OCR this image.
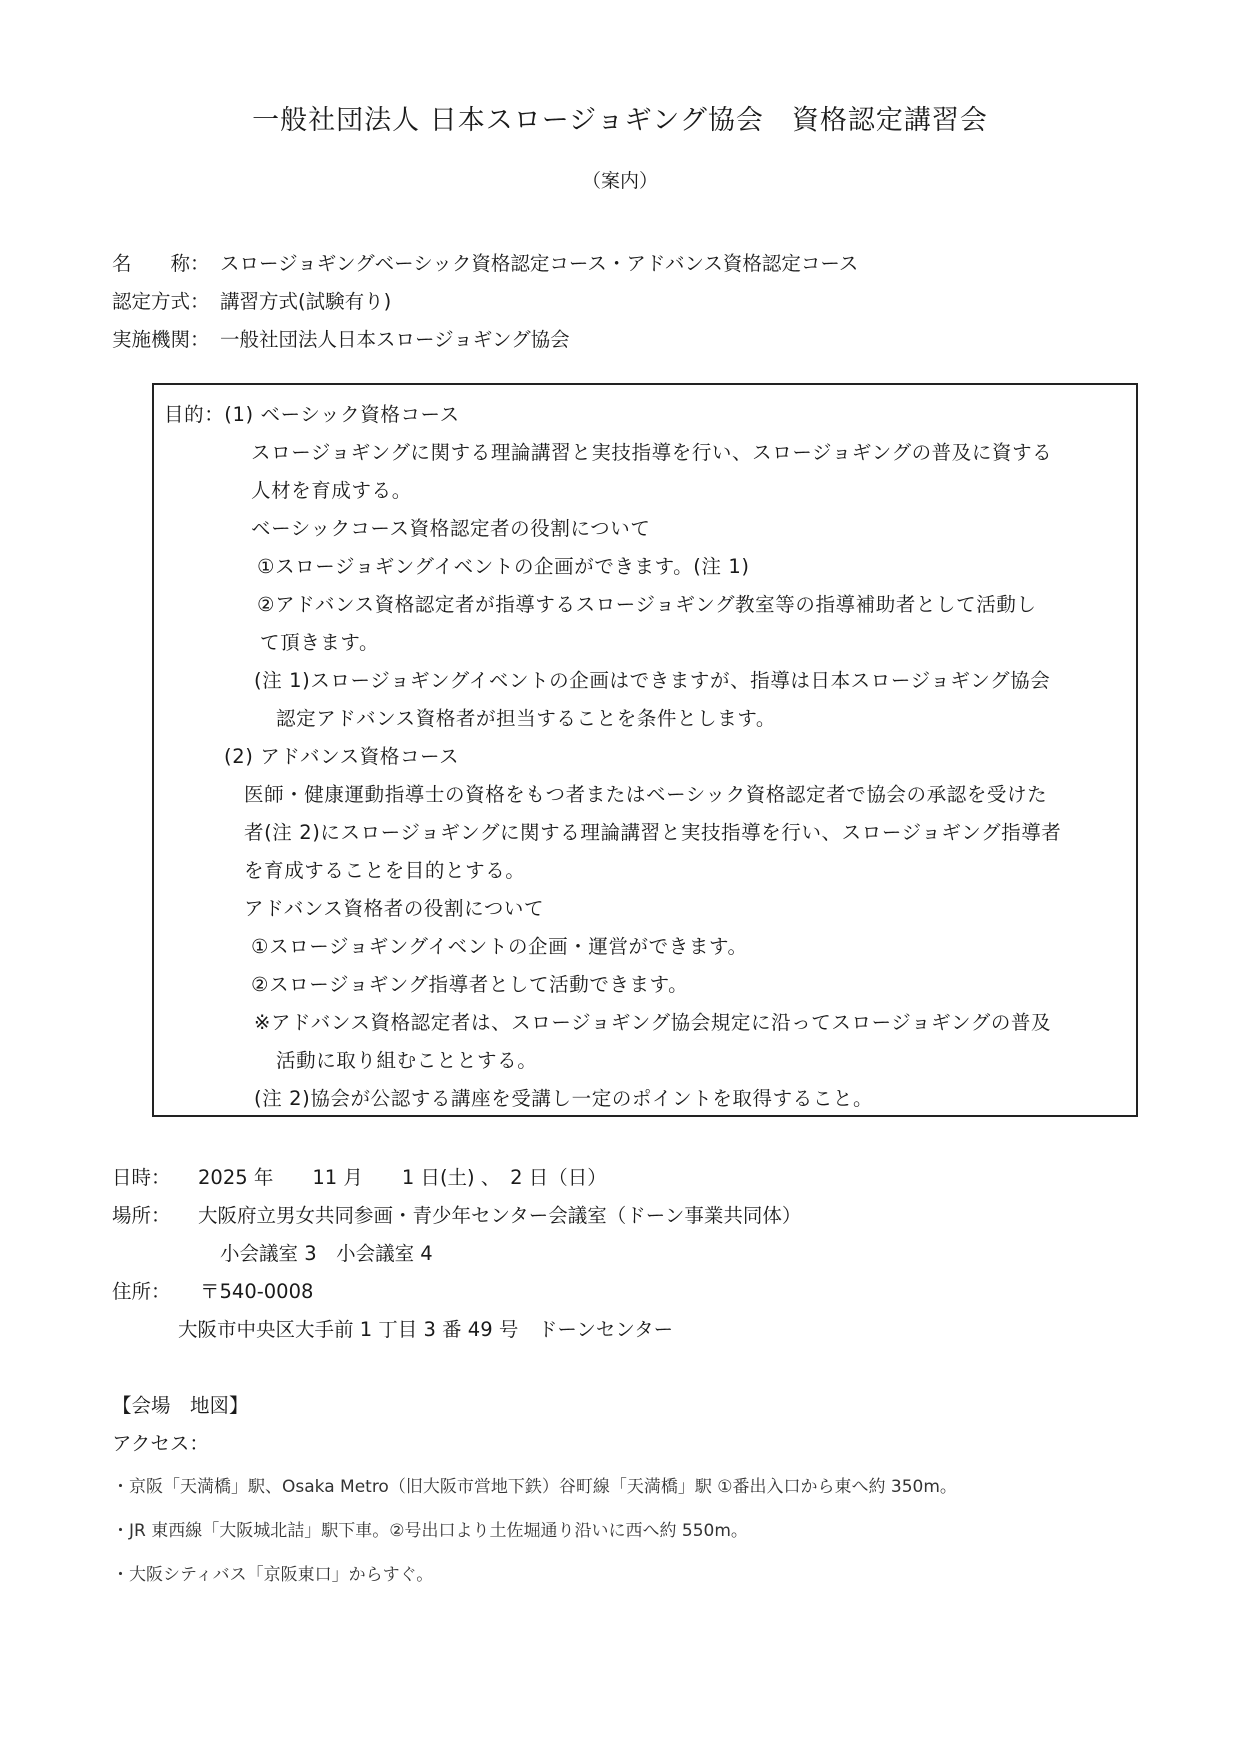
一般社団法人 日本スロージョギング協会　資格認定講習会
（案内）
名　　称： スロージョギングベーシック資格認定コース・アドバンス資格認定コース
認定方式： 講習方式(試験有り)
実施機関： 一般社団法人日本スロージョギング協会
目的：(1) ベーシック資格コース
スロージョギングに関する理論講習と実技指導を行い、スロージョギングの普及に資する
人材を育成する。
ベーシックコース資格認定者の役割について
①スロージョギングイベントの企画ができます。(注 1)
②アドバンス資格認定者が指導するスロージョギング教室等の指導補助者として活動し
て頂きます。
(注 1)スロージョギングイベントの企画はできますが、指導は日本スロージョギング協会
認定アドバンス資格者が担当することを条件とします。
(2) アドバンス資格コース
医師・健康運動指導士の資格をもつ者またはベーシック資格認定者で協会の承認を受けた
者(注 2)にスロージョギングに関する理論講習と実技指導を行い、スロージョギング指導者
を育成することを目的とする。
アドバンス資格者の役割について
①スロージョギングイベントの企画・運営ができます。
②スロージョギング指導者として活動できます。
※アドバンス資格認定者は、スロージョギング協会規定に沿ってスロージョギングの普及
活動に取り組むこととする。
(注 2)協会が公認する講座を受講し一定のポイントを取得すること。
日時： 2025 年　　11 月　　1 日(土) 、　2 日（日）
場所： 大阪府立男女共同参画・青少年センター会議室（ドーン事業共同体）
小会議室 3　小会議室 4
住所： 〒540-0008
大阪市中央区大手前 1 丁目 3 番 49 号　ドーンセンター
【会場　地図】
アクセス：
・京阪「天満橋」駅、Osaka Metro（旧大阪市営地下鉄）谷町線「天満橋」駅 ①番出入口から東へ約 350m。
・JR 東西線「大阪城北詰」駅下車。②号出口より土佐堀通り沿いに西へ約 550m。
・大阪シティバス「京阪東口」からすぐ。
